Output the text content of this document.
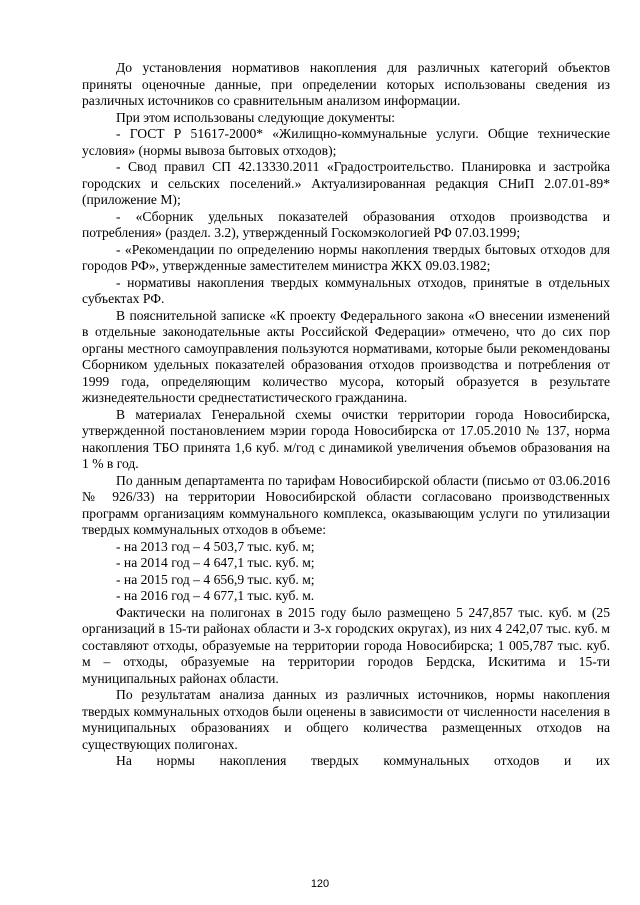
До установления нормативов накопления для различных категорий объектов приняты оценочные данные, при определении которых использованы сведения из различных источников со сравнительным анализом информации.

При этом использованы следующие документы:

- ГОСТ Р 51617-2000* «Жилищно-коммунальные услуги. Общие технические условия» (нормы вывоза бытовых отходов);

- Свод правил СП 42.13330.2011 «Градостроительство. Планировка и застройка городских и сельских поселений.» Актуализированная редакция СНиП 2.07.01-89*(приложение М);

- «Сборник удельных показателей образования отходов производства и потребления» (раздел. 3.2), утвержденный Госкомэкологией РФ 07.03.1999;

- «Рекомендации по определению нормы накопления твердых бытовых отходов для городов РФ», утвержденные заместителем министра ЖКХ 09.03.1982;

- нормативы накопления твердых коммунальных отходов, принятые в отдельных субъектах РФ.

В пояснительной записке «К проекту Федерального закона «О внесении изменений в отдельные законодательные акты Российской Федерации» отмечено, что до сих пор органы местного самоуправления пользуются нормативами, которые были рекомендованы Сборником удельных показателей образования отходов производства и потребления от 1999 года, определяющим количество мусора, который образуется в результате жизнедеятельности среднестатистического гражданина.

В материалах Генеральной схемы очистки территории города Новосибирска, утвержденной постановлением мэрии города Новосибирска от 17.05.2010 № 137, норма накопления ТБО принята 1,6 куб. м/год с динамикой увеличения объемов образования на 1 % в год.

По данным департамента по тарифам Новосибирской области (письмо от 03.06.2016 № 926/33) на территории Новосибирской области согласовано производственных программ организациям коммунального комплекса, оказывающим услуги по утилизации твердых коммунальных отходов в объеме:

- на 2013 год – 4 503,7 тыс. куб. м;

- на 2014 год – 4 647,1 тыс. куб. м;

- на 2015 год – 4 656,9 тыс. куб. м;

- на 2016 год – 4 677,1 тыс. куб. м.

Фактически на полигонах в 2015 году было размещено 5 247,857 тыс. куб. м (25 организаций в 15-ти районах области и 3-х городских округах), из них 4 242,07 тыс. куб. м составляют отходы, образуемые на территории города Новосибирска; 1 005,787 тыс. куб. м – отходы, образуемые на территории городов Бердска, Искитима и 15-ти муниципальных районах области.

По результатам анализа данных из различных источников, нормы накопления твердых коммунальных отходов были оценены в зависимости от численности населения в муниципальных образованиях и общего количества размещенных отходов на существующих полигонах.

На нормы накопления твердых коммунальных отходов и их

120
